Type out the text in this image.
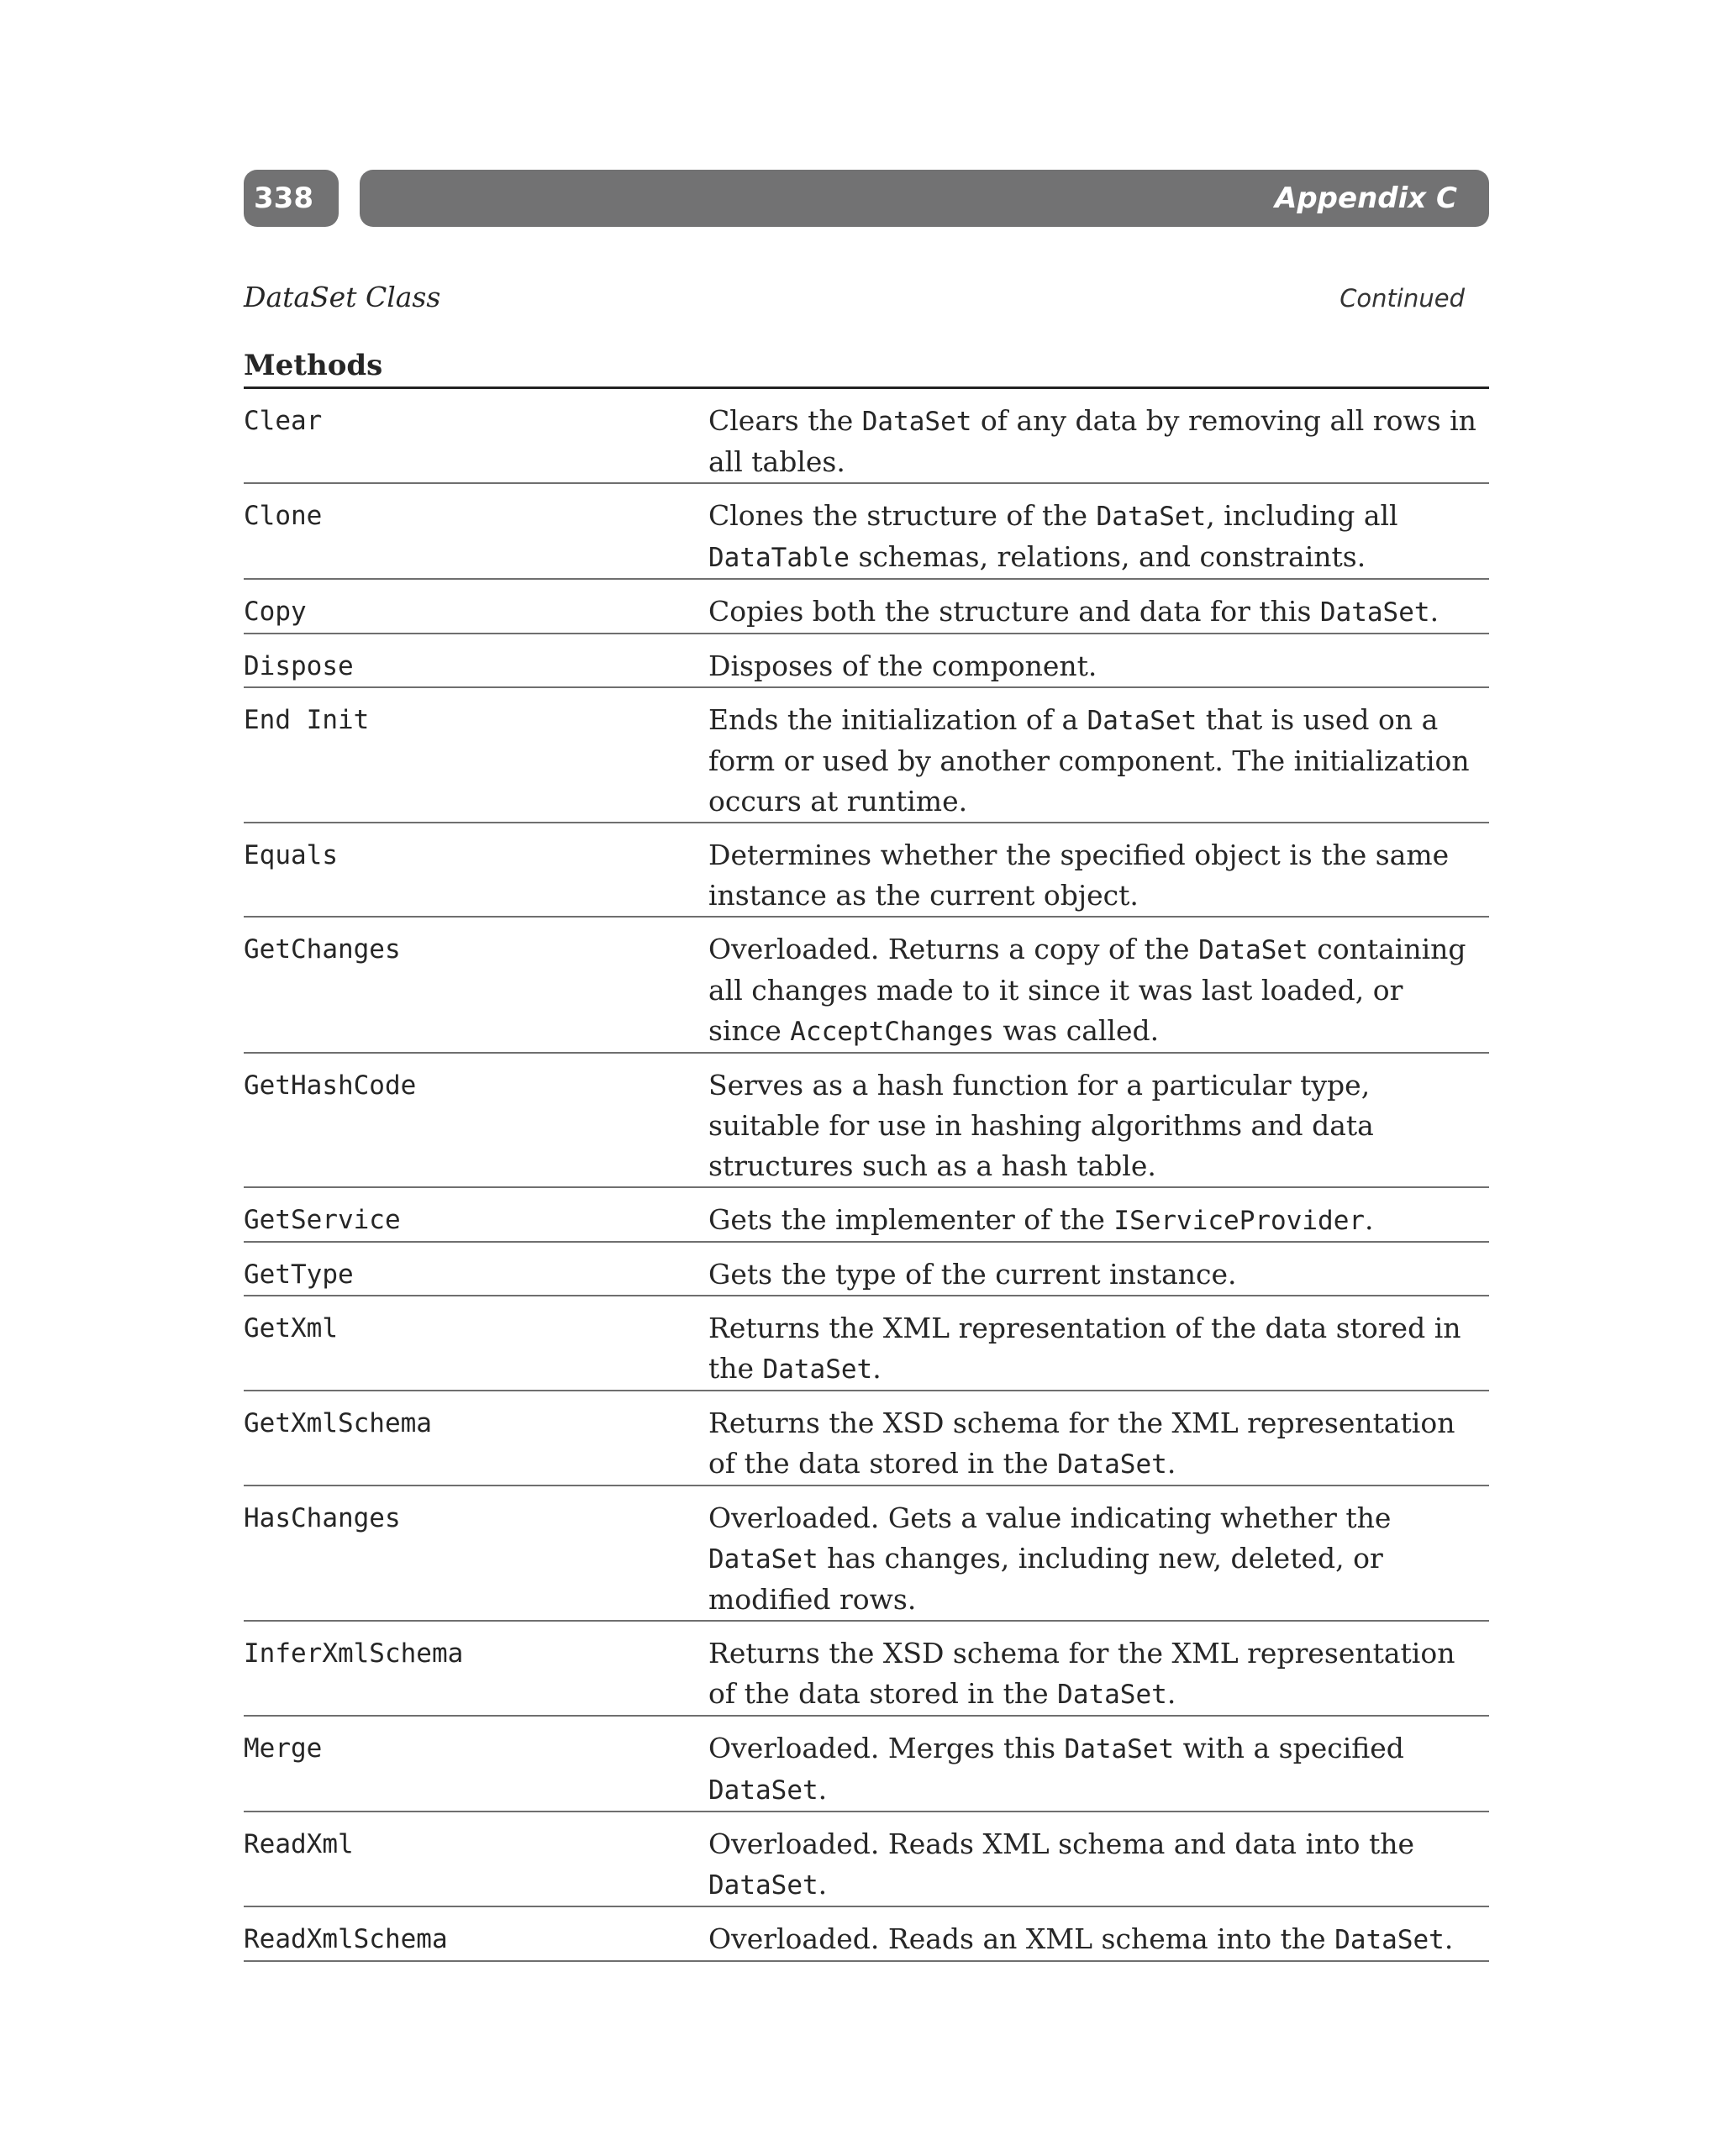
338	Appendix C
DataSet Class	Continued
Methods
Clear	Clears the DataSet of any data by removing all rows in all tables.
Clone	Clones the structure of the DataSet, including all DataTable schemas, relations, and constraints.
Copy	Copies both the structure and data for this DataSet.
Dispose	Disposes of the component.
End Init	Ends the initialization of a DataSet that is used on a form or used by another component. The initialization occurs at runtime.
Equals	Determines whether the specified object is the same instance as the current object.
GetChanges	Overloaded. Returns a copy of the DataSet containing all changes made to it since it was last loaded, or since AcceptChanges was called.
GetHashCode	Serves as a hash function for a particular type, suitable for use in hashing algorithms and data structures such as a hash table.
GetService	Gets the implementer of the IServiceProvider.
GetType	Gets the type of the current instance.
GetXml	Returns the XML representation of the data stored in the DataSet.
GetXmlSchema	Returns the XSD schema for the XML representation of the data stored in the DataSet.
HasChanges	Overloaded. Gets a value indicating whether the DataSet has changes, including new, deleted, or modified rows.
InferXmlSchema	Returns the XSD schema for the XML representation of the data stored in the DataSet.
Merge	Overloaded. Merges this DataSet with a specified DataSet.
ReadXml	Overloaded. Reads XML schema and data into the DataSet.
ReadXmlSchema	Overloaded. Reads an XML schema into the DataSet.
